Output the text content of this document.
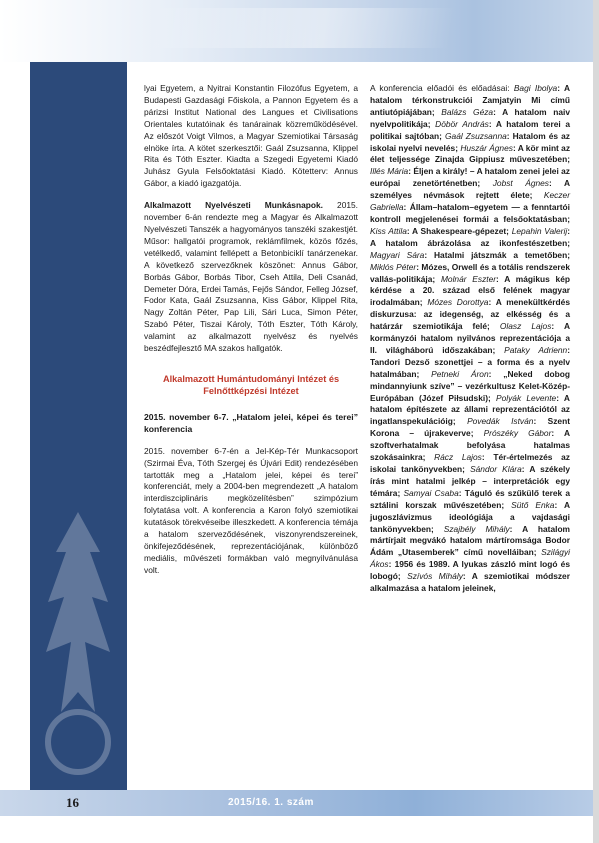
16	2015/16. 1. szám

lyai Egyetem, a Nyitrai Konstantin Filozófus Egyetem, a Budapesti Gazdasági Főiskola, a Pannon Egyetem és a párizsi Institut National des Langues et Civilisations Orientales kutatóinak és tanárainak közreműködésével. Az előszót Voigt Vilmos, a Magyar Szemiotikai Társaság elnöke írta. A kötet szerkesztői: Gaál Zsuzsanna, Klippel Rita és Tóth Eszter. Kiadta a Szegedi Egyetemi Kiadó Juhász Gyula Felsőoktatási Kiadó. Kötetterv: Annus Gábor, a kiadó igazgatója.

Alkalmazott Nyelvészeti Munkásnapok. 2015. november 6-án rendezte meg a Magyar és Alkalmazott Nyelvészeti Tanszék a hagyományos tanszéki szakestjét. Műsor: hallgatói programok, reklámfilmek, közös főzés, vetélkedő, valamint fellépett a Betonbiciklí tanárzenekar. A következő szervezőknek köszönet: Annus Gábor, Borbás Gábor, Borbás Tibor, Cseh Attila, Deli Csanád, Demeter Dóra, Erdei Tamás, Fejős Sándor, Felleg József, Fodor Kata, Gaál Zsuzsanna, Kiss Gábor, Klippel Rita, Nagy Zoltán Péter, Pap Lili, Sári Luca, Simon Péter, Szabó Péter, Tiszai Károly, Tóth Eszter, Tóth Károly, valamint az alkalmazott nyelvész és nyelvés beszédfejlesztő MA szakos hallgatók.

Alkalmazott Humántudományi Intézet és Felnőttképzési Intézet

2015. november 6-7. „Hatalom jelei, képei és terei” konferencia

2015. november 6-7-én a Jel-Kép-Tér Munkacsoport (Szirmai Éva, Tóth Szergej és Újvári Edit) rendezésében tartották meg a „Hatalom jelei, képei és terei” konferenciát, mely a 2004-ben megrendezett „A hatalom interdiszciplináris megközelítésben” szimpózium folytatása volt. A konferencia a Karon folyó szemiotikai kutatások törekvéseibe illeszkedett. A konferencia témája a hatalom szerveződésének, viszonyrendszereinek, önkifejeződésének, reprezentációjának, különböző mediális, művészeti formákban való megnyilvánulása volt.

A konferencia előadói és előadásai: Bagi Ibolya: A hatalom térkonstrukciói Zamjatyin Mi című antiutópiájában; Balázs Géza: A hatalom naiv nyelvpolitikája; Döbör András: A hatalom terei a politikai sajtóban; Gaál Zsuzsanna: Hatalom és az iskolai nyelvi nevelés; Huszár Ágnes: A kör mint az élet teljessége Zinajda Gippiusz műveszetében; Illés Mária: Éljen a király! – A hatalom zenei jelei az európai zenetörténetben; Jobst Ágnes: A személyes névmások rejtett élete; Keczer Gabriella: Állam–hatalom–egyetem — a fenntartói kontroll megjelenései formái a felsőoktatásban; Kiss Attila: A Shakespeare-gépezet; Lepahin Valerij: A hatalom ábrázolása az ikonfestészetben; Magyari Sára: Hatalmi játszmák a temetőben; Miklós Péter: Mózes, Orwell és a totális rendszerek vallás-politikája; Molnár Eszter: A mágikus kép kérdése a 20. század első felének magyar irodalmában; Mózes Dorottya: A menekültkérdés diskurzusa: az idegenség, az elkésség és a határzár szemiotikája felé; Olasz Lajos: A kormányzói hatalom nyilvános reprezentációja a II. világháború időszakában; Pataky Adrienn: Tandori Dezső szonettjei – a forma és a nyelv hatalmában; Petneki Áron: „Neked dobog mindannyiunk szíve” – vezérkultusz Kelet-Közép-Európában (Józef Piłsudski); Polyák Levente: A hatalom építészete az állami reprezentációtól az ingatlanspekulációig; Povedák István: Szent Korona – újrakeverve; Prószéky Gábor: A szoftverhatalmak befolyása hatalmas szokásainkra; Rácz Lajos: Tér-értelmezés az iskolai tankönyvekben; Sándor Klára: A székely írás mint hatalmi jelkép – interpretációk egy témára; Samyai Csaba: Táguló és szűkülő terek a sztálini korszak művészetében; Sütő Enka: A jugoszlávizmus ideológiája a vajdasági tankönyvekben; Szajbély Mihály: A hatalom mártírjait megvákó hatalom mártíromsága Bodor Ádám „Utasemberek” című novelláiban; Szilágyi Ákos: 1956 és 1989. A lyukas zászló mint logó és lobogó; Szívós Mihály: A szemiotikai módszer alkalmazása a hatalom jeleinek,
